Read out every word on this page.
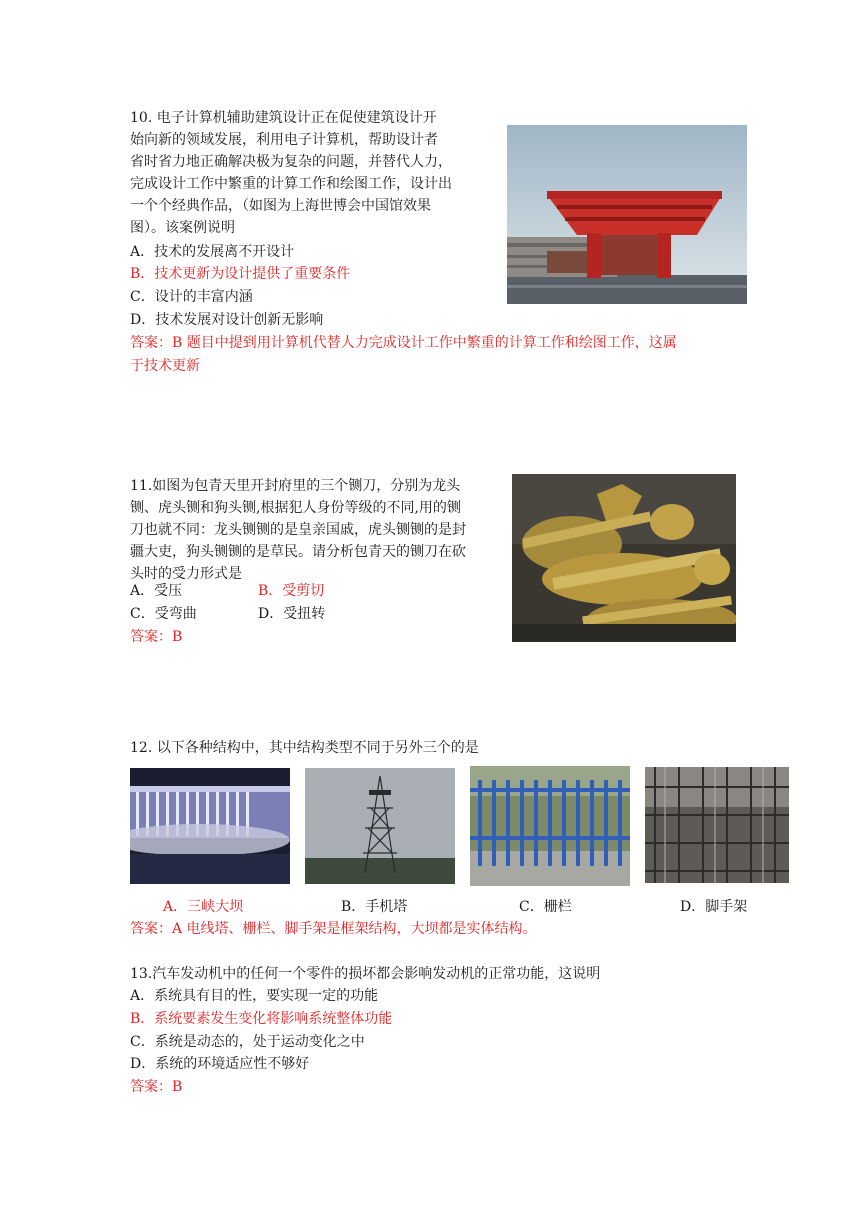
10. 电子计算机辅助建筑设计正在促使建筑设计开
始向新的领域发展，利用电子计算机，帮助设计者
省时省力地正确解决极为复杂的问题，并替代人力，
完成设计工作中繁重的计算工作和绘图工作，设计出
一个个经典作品，（如图为上海世博会中国馆效果
图）。该案例说明
A．技术的发展离不开设计
B．技术更新为设计提供了重要条件
C．设计的丰富内涵
D．技术发展对设计创新无影响
答案：B 题目中提到用计算机代替人力完成设计工作中繁重的计算工作和绘图工作，这属
于技术更新
11.如图为包青天里开封府里的三个铡刀，分别为龙头
铡、虎头铡和狗头铡,根据犯人身份等级的不同,用的铡
刀也就不同：龙头铡铡的是皇亲国戚，虎头铡铡的是封
疆大吏，狗头铡铡的是草民。请分析包青天的铡刀在砍
头时的受力形式是
A．受压	B．受剪切
C．受弯曲	D．受扭转
答案：B
12. 以下各种结构中，其中结构类型不同于另外三个的是
A．三峡大坝	B．手机塔	C．栅栏	D．脚手架
答案：A 电线塔、栅栏、脚手架是框架结构，大坝都是实体结构。
13.汽车发动机中的任何一个零件的损坏都会影响发动机的正常功能，这说明
A．系统具有目的性，要实现一定的功能
B．系统要素发生变化将影响系统整体功能
C．系统是动态的，处于运动变化之中
D．系统的环境适应性不够好
答案：B
